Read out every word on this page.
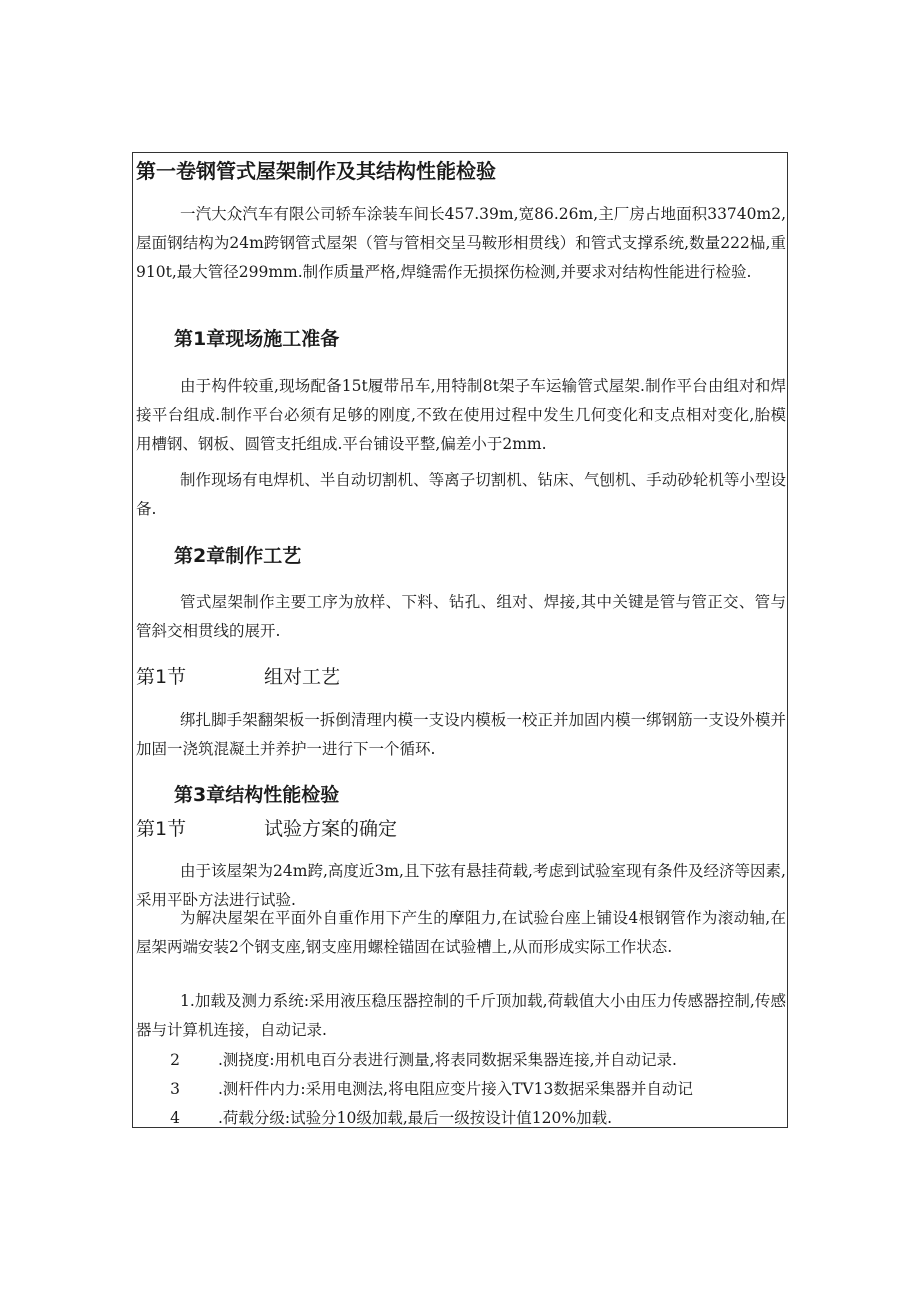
第一卷钢管式屋架制作及其结构性能检验

一汽大众汽车有限公司轿车涂装车间长457.39m,宽86.26m,主厂房占地面积33740m2,屋面钢结构为24m跨钢管式屋架（管与管相交呈马鞍形相贯线）和管式支撑系统,数量222榀,重910t,最大管径299mm.制作质量严格,焊缝需作无损探伤检测,并要求对结构性能进行检验.

第1章现场施工准备

由于构件较重,现场配备15t履带吊车,用特制8t架子车运输管式屋架.制作平台由组对和焊接平台组成.制作平台必须有足够的刚度,不致在使用过程中发生几何变化和支点相对变化,胎模用槽钢、钢板、圆管支托组成.平台铺设平整,偏差小于2mm.

制作现场有电焊机、半自动切割机、等离子切割机、钻床、气刨机、手动砂轮机等小型设备.

第2章制作工艺

管式屋架制作主要工序为放样、下料、钻孔、组对、焊接,其中关键是管与管正交、管与管斜交相贯线的展开.

第1节	组对工艺

绑扎脚手架翻架板一拆倒清理内模一支设内模板一校正并加固内模一绑钢筋一支设外模并加固一浇筑混凝土并养护一进行下一个循环.

第3章结构性能检验
第1节	试验方案的确定

由于该屋架为24m跨,高度近3m,且下弦有悬挂荷载,考虑到试验室现有条件及经济等因素,采用平卧方法进行试验.

为解决屋架在平面外自重作用下产生的摩阻力,在试验台座上铺设4根钢管作为滚动轴,在屋架两端安装2个钢支座,钢支座用螺栓锚固在试验槽上,从而形成实际工作状态.

1.加载及测力系统:采用液压稳压器控制的千斤顶加载,荷载值大小由压力传感器控制,传感器与计算机连接，自动记录.

2 .测挠度:用机电百分表进行测量,将表同数据采集器连接,并自动记录.

3 .测杆件内力:采用电测法,将电阻应变片接入TV13数据采集器并自动记

4 .荷载分级:试验分10级加载,最后一级按设计值120%加载.
